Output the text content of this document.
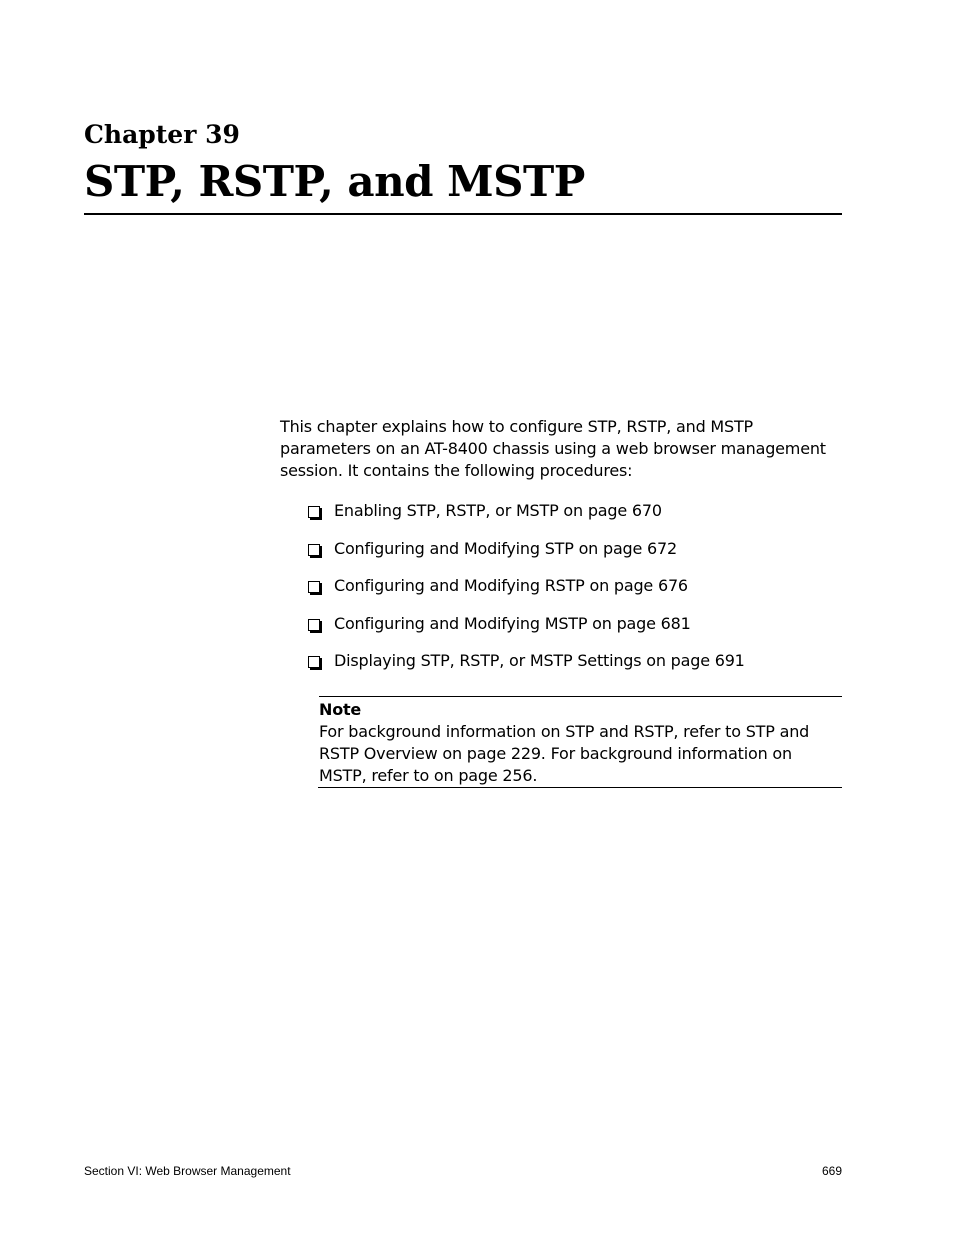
Chapter 39
STP, RSTP, and MSTP

This chapter explains how to configure STP, RSTP, and MSTP parameters on an AT-8400 chassis using a web browser management session. It contains the following procedures:

Enabling STP, RSTP, or MSTP on page 670
Configuring and Modifying STP on page 672
Configuring and Modifying RSTP on page 676
Configuring and Modifying MSTP on page 681
Displaying STP, RSTP, or MSTP Settings on page 691

Note

For background information on STP and RSTP, refer to STP and RSTP Overview on page 229. For background information on MSTP, refer to on page 256.

Section VI: Web Browser Management	669
